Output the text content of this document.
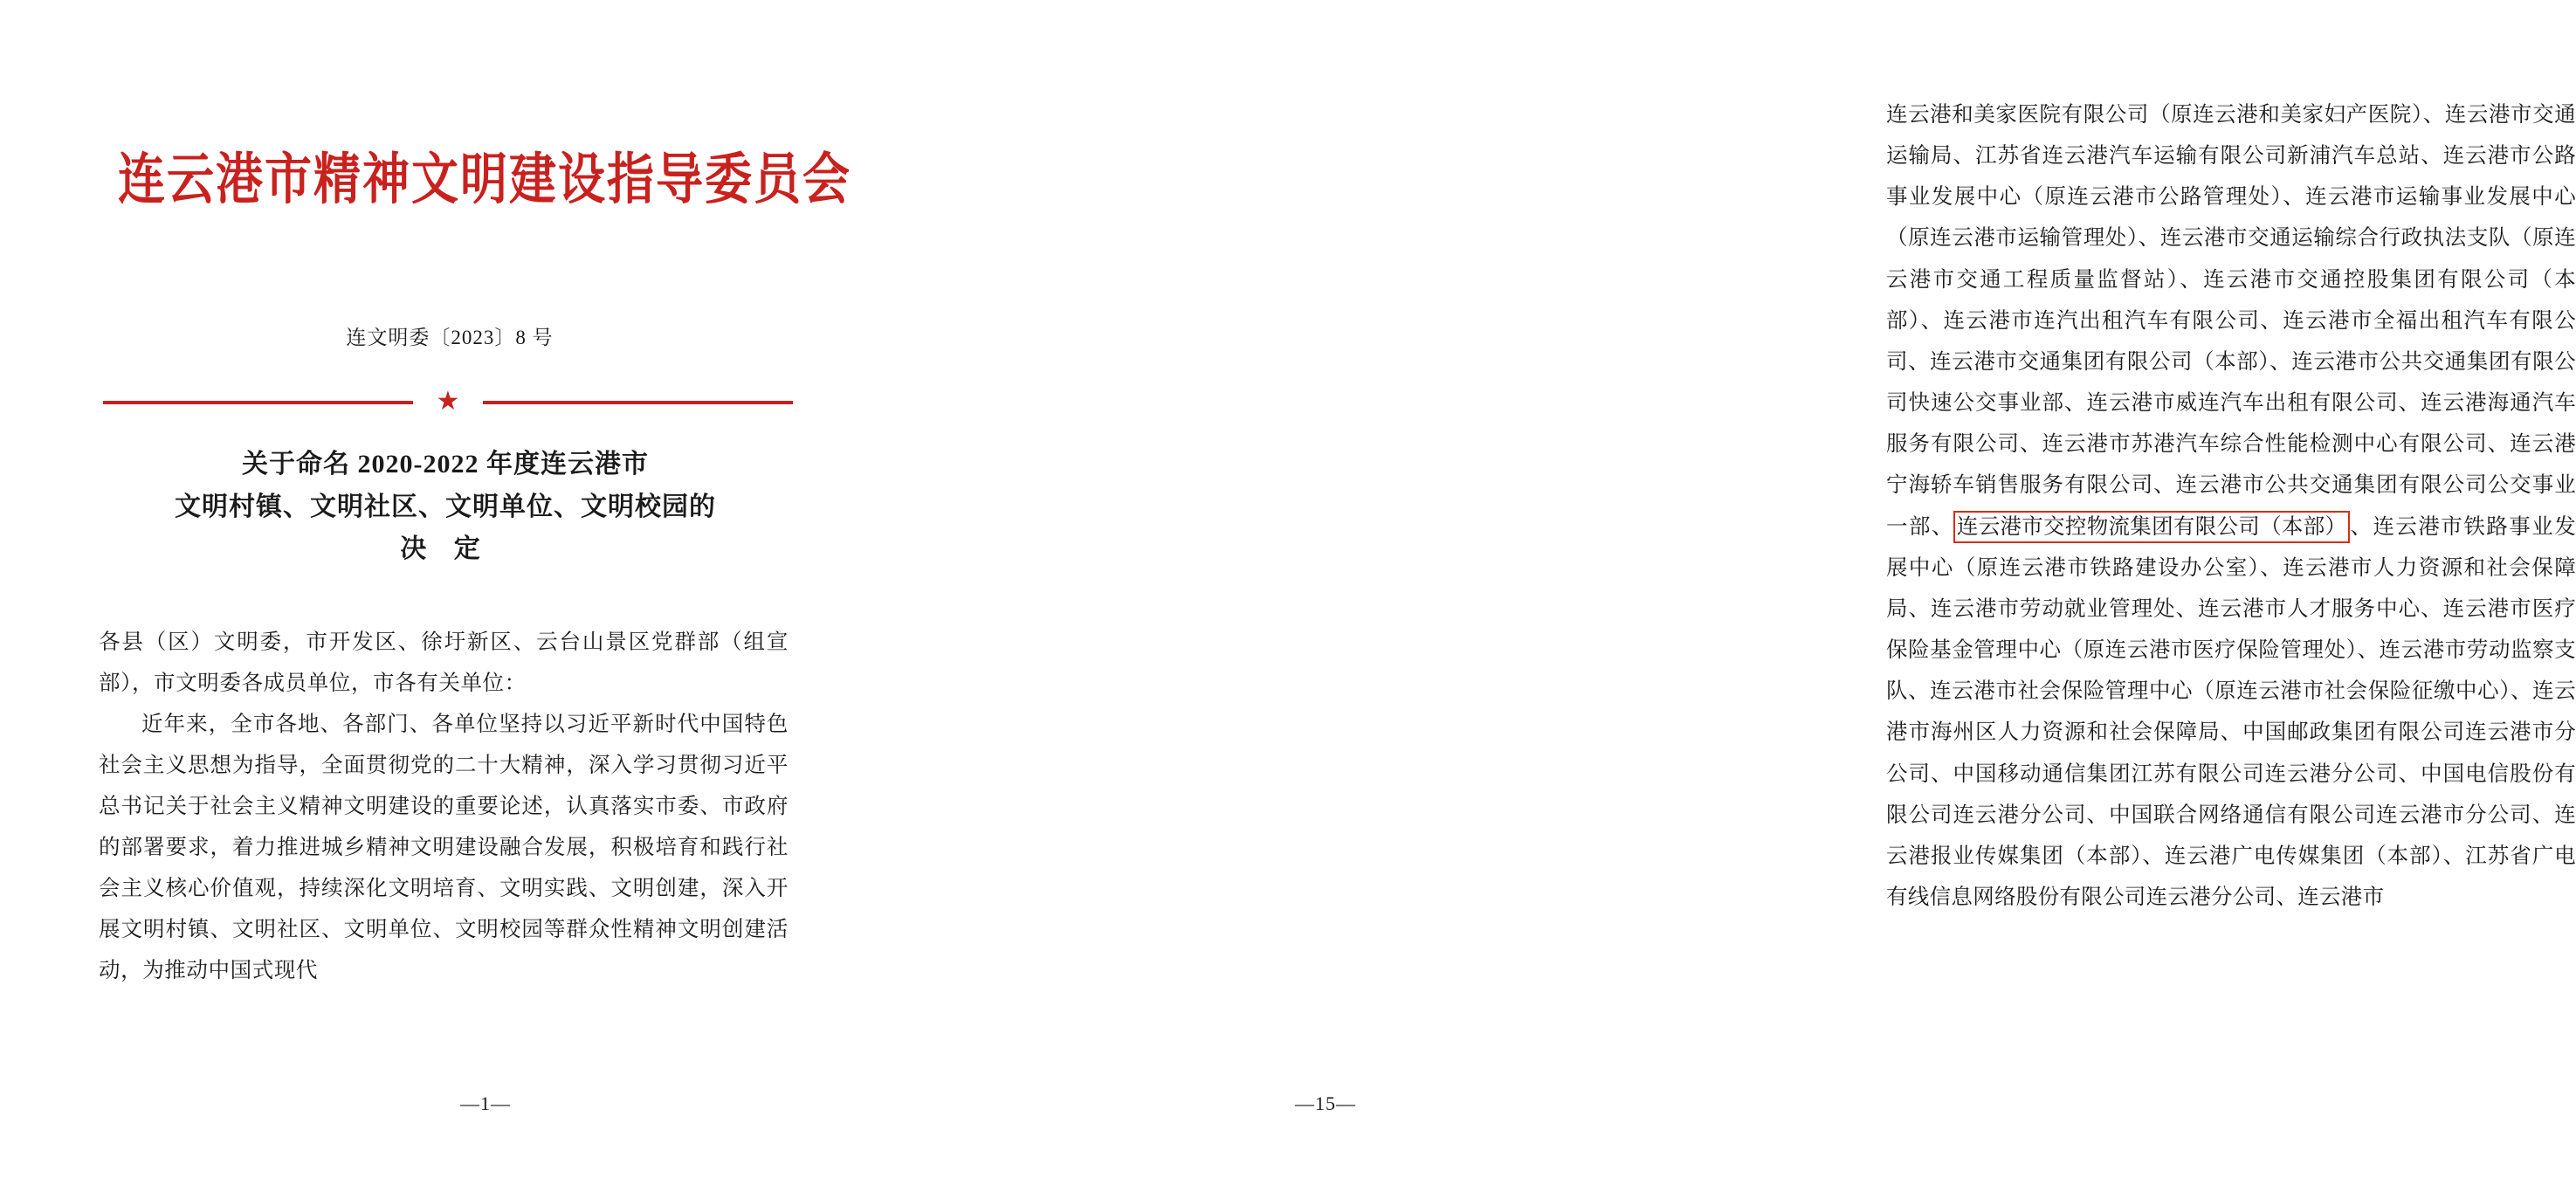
连云港市精神文明建设指导委员会
连文明委〔2023〕8 号
★
关于命名 2020-2022 年度连云港市
文明村镇、文明社区、文明单位、文明校园的
决 定

各县（区）文明委，市开发区、徐圩新区、云台山景区党群部（组宣部），市文明委各成员单位，市各有关单位：

近年来，全市各地、各部门、各单位坚持以习近平新时代中国特色社会主义思想为指导，全面贯彻党的二十大精神，深入学习贯彻习近平总书记关于社会主义精神文明建设的重要论述，认真落实市委、市政府的部署要求，着力推进城乡精神文明建设融合发展，积极培育和践行社会主义核心价值观，持续深化文明培育、文明实践、文明创建，深入开展文明村镇、文明社区、文明单位、文明校园等群众性精神文明创建活动，为推动中国式现代

—1—

连云港和美家医院有限公司（原连云港和美家妇产医院）、连云港市交通运输局、江苏省连云港汽车运输有限公司新浦汽车总站、连云港市公路事业发展中心（原连云港市公路管理处）、连云港市运输事业发展中心（原连云港市运输管理处）、连云港市交通运输综合行政执法支队（原连云港市交通工程质量监督站）、连云港市交通控股集团有限公司（本部）、连云港市连汽出租汽车有限公司、连云港市全福出租汽车有限公司、连云港市交通集团有限公司（本部）、连云港市公共交通集团有限公司快速公交事业部、连云港市威连汽车出租有限公司、连云港海通汽车服务有限公司、连云港市苏港汽车综合性能检测中心有限公司、连云港宁海轿车销售服务有限公司、连云港市公共交通集团有限公司公交事业一部、 连云港市交控物流集团有限公司（本部） 、连云港市铁路事业发展中心（原连云港市铁路建设办公室）、连云港市人力资源和社会保障局、连云港市劳动就业管理处、连云港市人才服务中心、连云港市医疗保险基金管理中心（原连云港市医疗保险管理处）、连云港市劳动监察支队、连云港市社会保险管理中心（原连云港市社会保险征缴中心）、连云港市海州区人力资源和社会保障局、中国邮政集团有限公司连云港市分公司、中国移动通信集团江苏有限公司连云港分公司、中国电信股份有限公司连云港分公司、中国联合网络通信有限公司连云港市分公司、连云港报业传媒集团（本部）、连云港广电传媒集团（本部）、江苏省广电有线信息网络股份有限公司连云港分公司、连云港市

—15—
